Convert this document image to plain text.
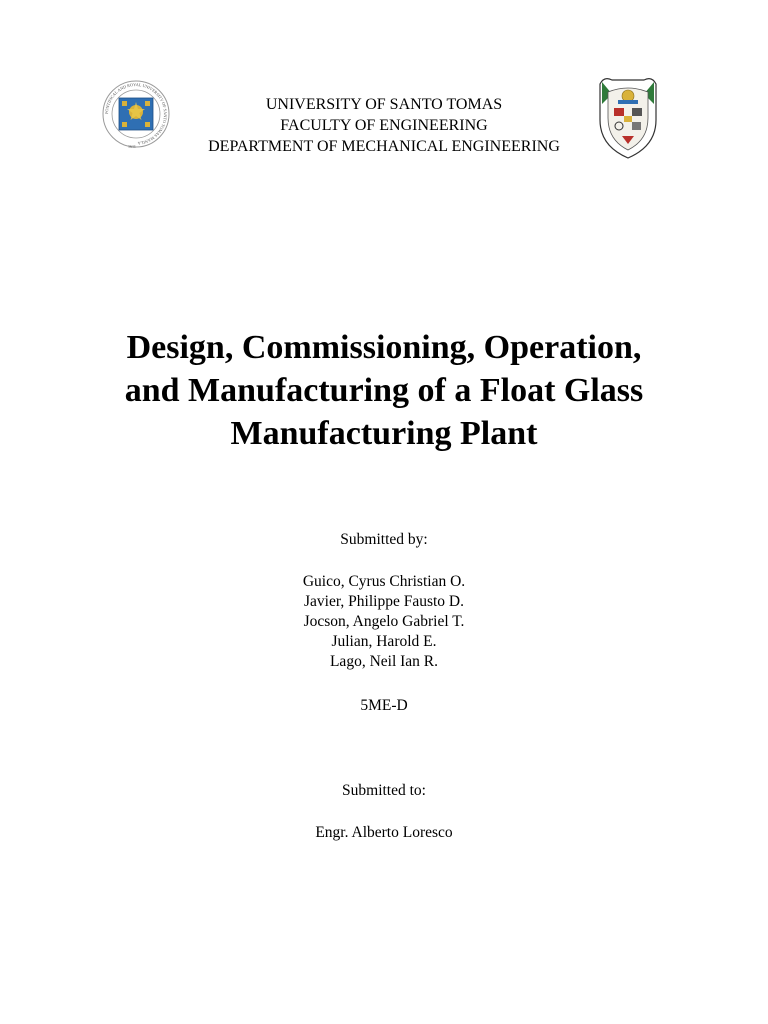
PONTIFICAL AND ROYAL UNIVERSITY OF SANTO TOMAS MANILA
1611
UNIVERSITY OF SANTO TOMAS
FACULTY OF ENGINEERING
DEPARTMENT OF MECHANICAL ENGINEERING
Design, Commissioning, Operation,
and Manufacturing of a Float Glass
Manufacturing Plant
Submitted by:
Guico, Cyrus Christian O.
Javier, Philippe Fausto D.
Jocson, Angelo Gabriel T.
Julian, Harold E.
Lago, Neil Ian R.
5ME-D
Submitted to:
Engr. Alberto Loresco
